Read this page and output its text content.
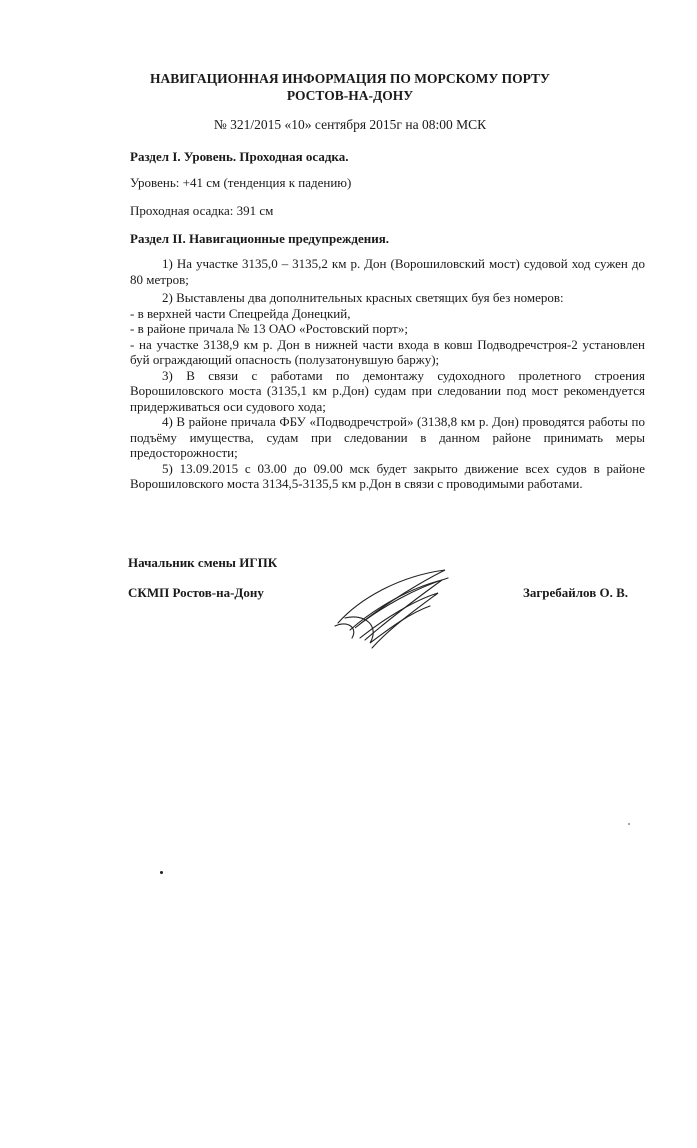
НАВИГАЦИОННАЯ ИНФОРМАЦИЯ ПО МОРСКОМУ ПОРТУ РОСТОВ-НА-ДОНУ
№ 321/2015 «10» сентября 2015г на 08:00 МСК
Раздел I. Уровень. Проходная осадка.
Уровень: +41 см (тенденция к падению)
Проходная осадка: 391 см
Раздел II. Навигационные предупреждения.

1) На участке 3135,0 – 3135,2 км р. Дон (Ворошиловский мост) судовой ход сужен до 80 метров;

2) Выставлены два дополнительных красных светящих буя без номеров:

- в верхней части Спецрейда Донецкий,

- в районе причала № 13 ОАО «Ростовский порт»;

- на участке 3138,9 км р. Дон в нижней части входа в ковш Подводречстроя-2 установлен буй ограждающий опасность (полузатонувшую баржу);

3) В связи с работами по демонтажу судоходного пролетного строения Ворошиловского моста (3135,1 км р.Дон) судам при следовании под мост рекомендуется придерживаться оси судового хода;

4) В районе причала ФБУ «Подводречстрой» (3138,8 км р. Дон) проводятся работы по подъёму имущества, судам при следовании в данном районе принимать меры предосторожности;

5) 13.09.2015 с 03.00 до 09.00 мск будет закрыто движение всех судов в районе Ворошиловского моста 3134,5-3135,5 км р.Дон в связи с проводимыми работами.

Начальник смены ИГПК
СКМП Ростов-на-Дону	Загребайлов О. В.
